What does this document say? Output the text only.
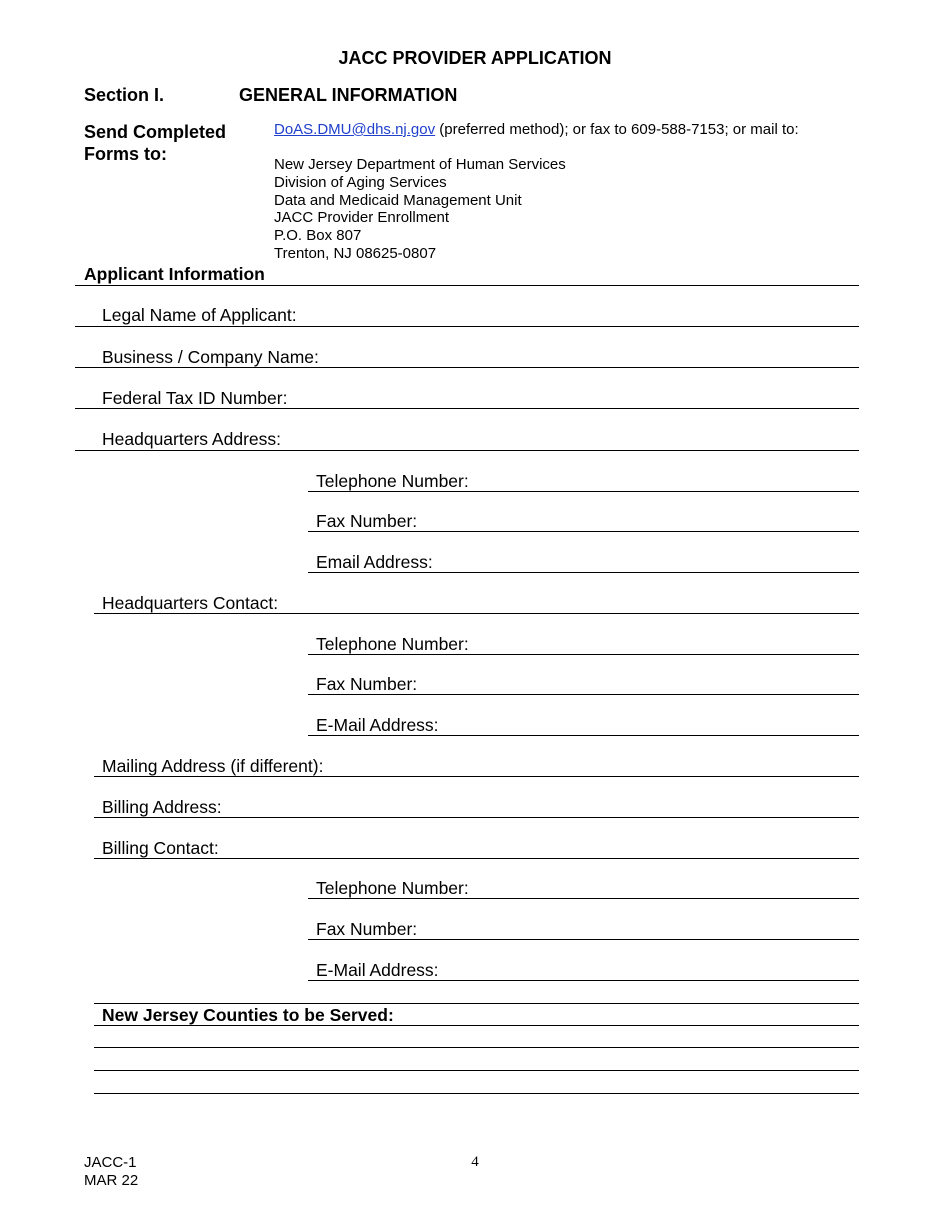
JACC PROVIDER APPLICATION
Section I.	GENERAL INFORMATION
Send Completed Forms to:
DoAS.DMU@dhs.nj.gov (preferred method); or fax to 609-588-7153; or mail to:
New Jersey Department of Human Services
Division of Aging Services
Data and Medicaid Management Unit
JACC Provider Enrollment
P.O. Box 807
Trenton, NJ 08625-0807
Applicant Information
Legal Name of Applicant:
Business / Company Name:
Federal Tax ID Number:
Headquarters Address:
Telephone Number:
Fax Number:
Email Address:
Headquarters Contact:
Telephone Number:
Fax Number:
E-Mail Address:
Mailing Address (if different):
Billing Address:
Billing Contact:
Telephone Number:
Fax Number:
E-Mail Address:
New Jersey Counties to be Served:
JACC-1
MAR 22
4
